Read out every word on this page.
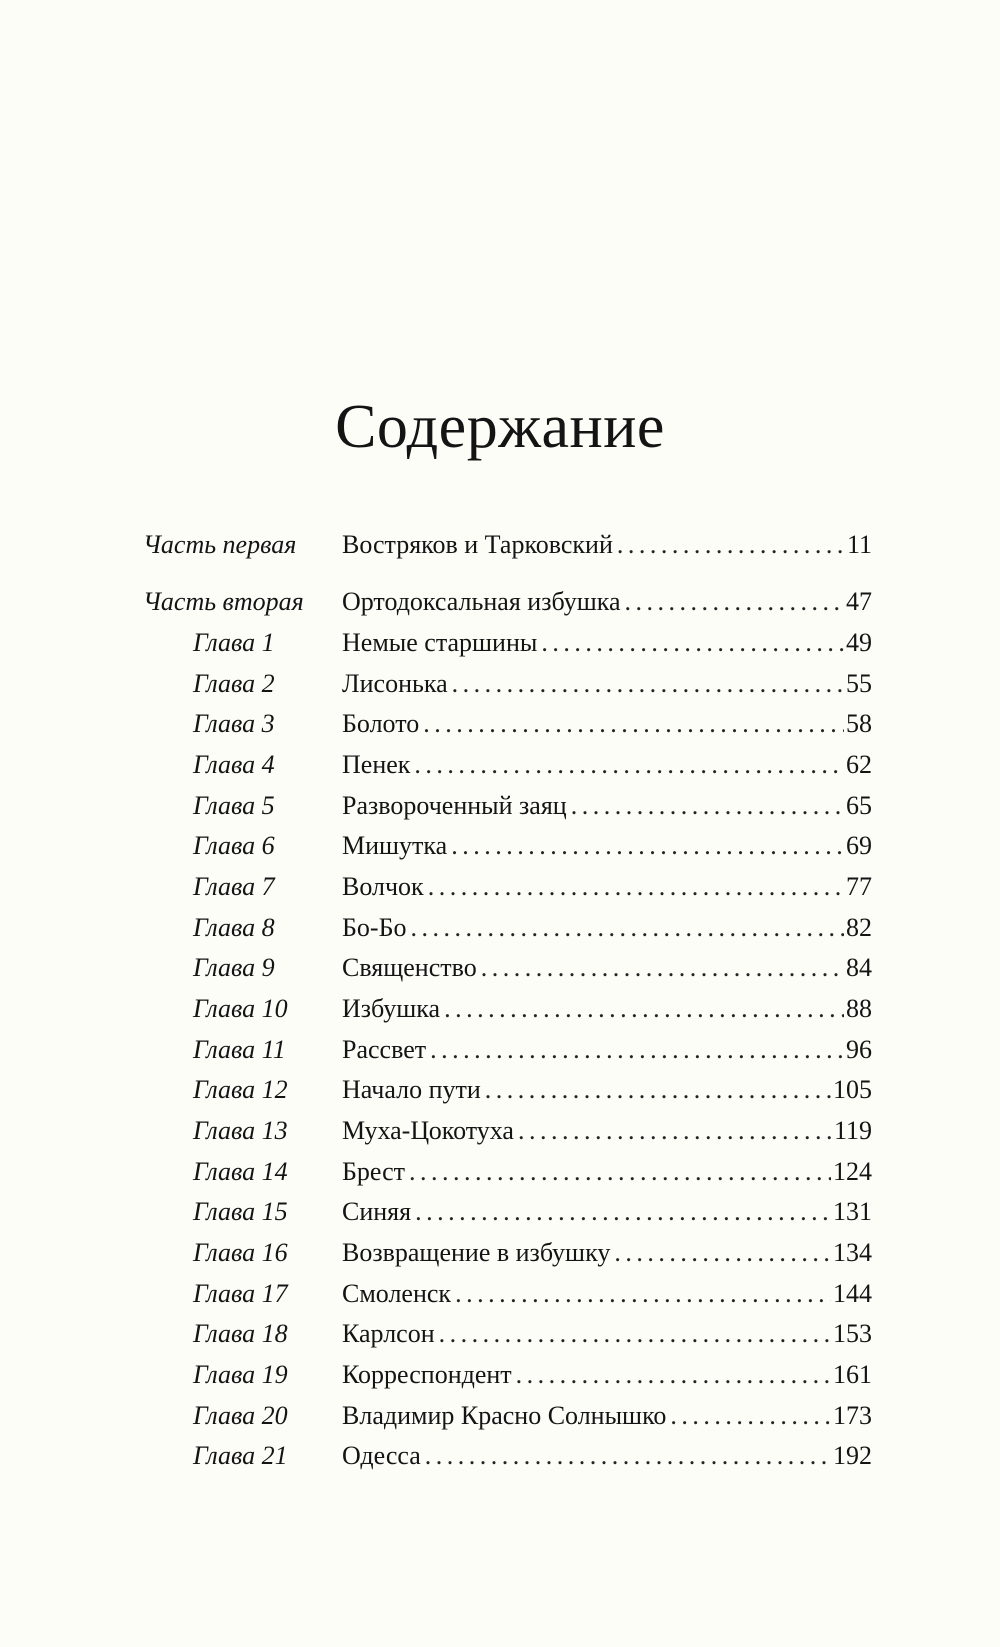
Содержание
Часть первая Востряков и Тарковский . . .	11
Часть вторая Ортодоксальная избушка . . .	47
Глава 1	Немые старшины . . .	49
Глава 2	Лисонька . . .	55
Глава 3	Болото . . .	58
Глава 4	Пенек . . .	62
Глава 5	Развороченный заяц . . .	65
Глава 6	Мишутка . . .	69
Глава 7	Волчок . . .	77
Глава 8	Бо-Бо . . .	82
Глава 9	Священство . . .	84
Глава 10 Избушка . . .	88
Глава 11 Рассвет . . .	96
Глава 12 Начало пути . . .	105
Глава 13 Муха-Цокотуха . . .	119
Глава 14 Брест . . .	124
Глава 15 Синяя . . .	131
Глава 16 Возвращение в избушку . . .	134
Глава 17 Смоленск . . .	144
Глава 18 Карлсон . . .	153
Глава 19 Корреспондент . . .	161
Глава 20 Владимир Красно Солнышко . . .	173
Глава 21 Одесса . . .	192
